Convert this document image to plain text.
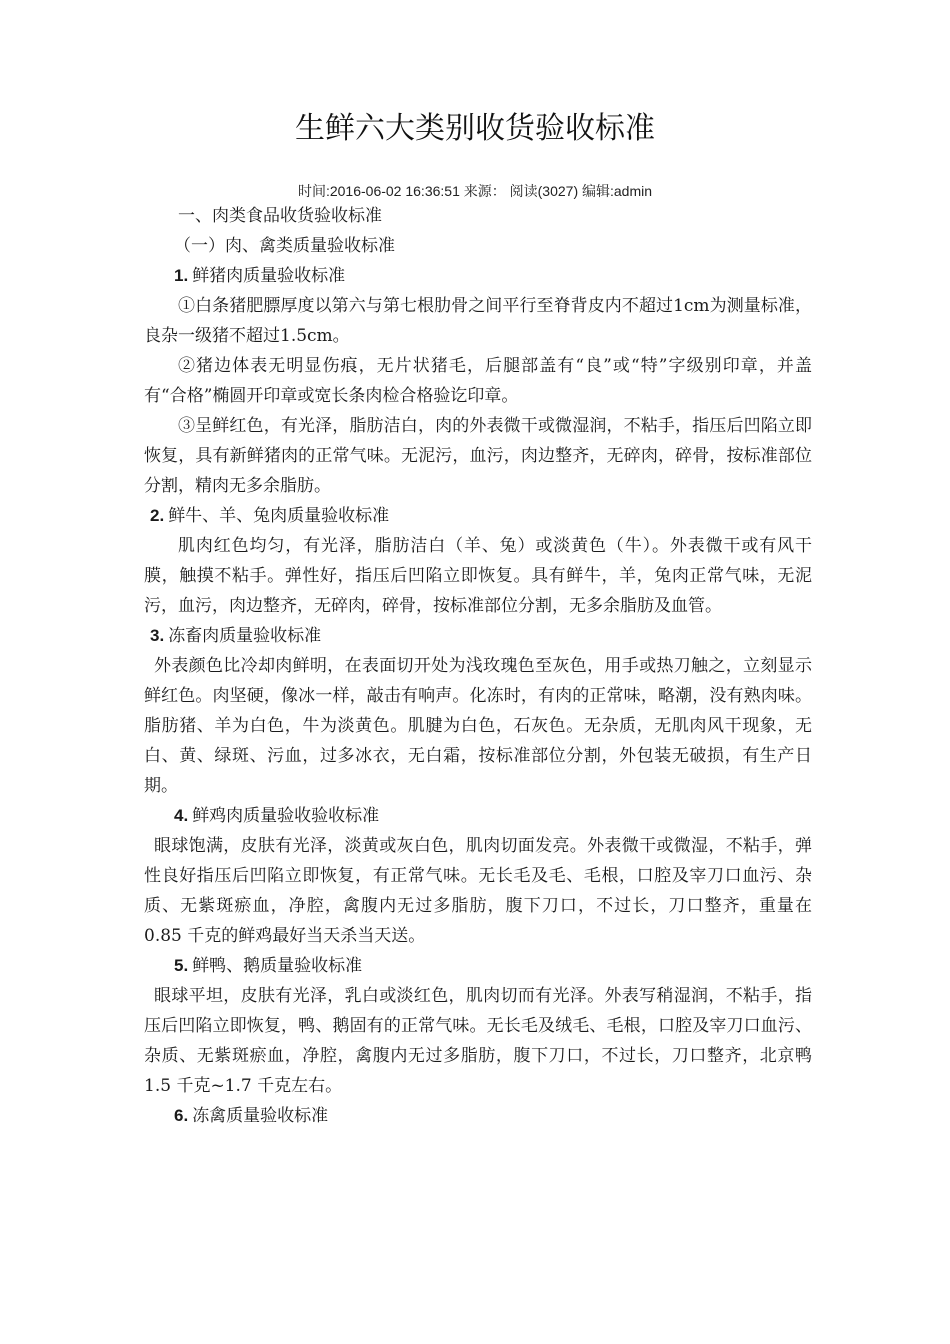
生鲜六大类别收货验收标准
时间:2016-06-02 16:36:51 来源： 阅读(3027) 编辑:admin

一、肉类食品收货验收标准

（一）肉、禽类质量验收标准

1. 鲜猪肉质量验收标准

①白条猪肥膘厚度以第六与第七根肋骨之间平行至脊背皮内不超过1cm为测量标准，良杂一级猪不超过1.5cm。

②猪边体表无明显伤痕，无片状猪毛，后腿部盖有“良”或“特”字级别印章，并盖有“合格”椭圆开印章或宽长条肉检合格验讫印章。

③呈鲜红色，有光泽，脂肪洁白，肉的外表微干或微湿润，不粘手，指压后凹陷立即恢复，具有新鲜猪肉的正常气味。无泥污，血污，肉边整齐，无碎肉，碎骨，按标准部位分割，精肉无多余脂肪。

2. 鲜牛、羊、兔肉质量验收标准

肌肉红色均匀，有光泽，脂肪洁白（羊、兔）或淡黄色（牛）。外表微干或有风干膜，触摸不粘手。弹性好，指压后凹陷立即恢复。具有鲜牛，羊，兔肉正常气味，无泥污，血污，肉边整齐，无碎肉，碎骨，按标准部位分割，无多余脂肪及血管。

3. 冻畜肉质量验收标准

外表颜色比冷却肉鲜明，在表面切开处为浅玫瑰色至灰色，用手或热刀触之，立刻显示鲜红色。肉坚硬，像冰一样，敲击有响声。化冻时，有肉的正常味，略潮，没有熟肉味。脂肪猪、羊为白色，牛为淡黄色。肌腱为白色，石灰色。无杂质，无肌肉风干现象，无白、黄、绿斑、污血，过多冰衣，无白霜，按标准部位分割，外包装无破损，有生产日期。

4. 鲜鸡肉质量验收验收标准

眼球饱满，皮肤有光泽，淡黄或灰白色，肌肉切面发亮。外表微干或微湿，不粘手，弹性良好指压后凹陷立即恢复，有正常气味。无长毛及毛、毛根，口腔及宰刀口血污、杂质、无紫斑瘀血，净腔，禽腹内无过多脂肪，腹下刀口，不过长，刀口整齐，重量在 0.85 千克的鲜鸡最好当天杀当天送。

5. 鲜鸭、鹅质量验收标准

眼球平坦，皮肤有光泽，乳白或淡红色，肌肉切而有光泽。外表写稍湿润，不粘手，指压后凹陷立即恢复，鸭、鹅固有的正常气味。无长毛及绒毛、毛根，口腔及宰刀口血污、杂质、无紫斑瘀血，净腔，禽腹内无过多脂肪，腹下刀口，不过长，刀口整齐，北京鸭 1.5 千克~1.7 千克左右。

6. 冻禽质量验收标准
